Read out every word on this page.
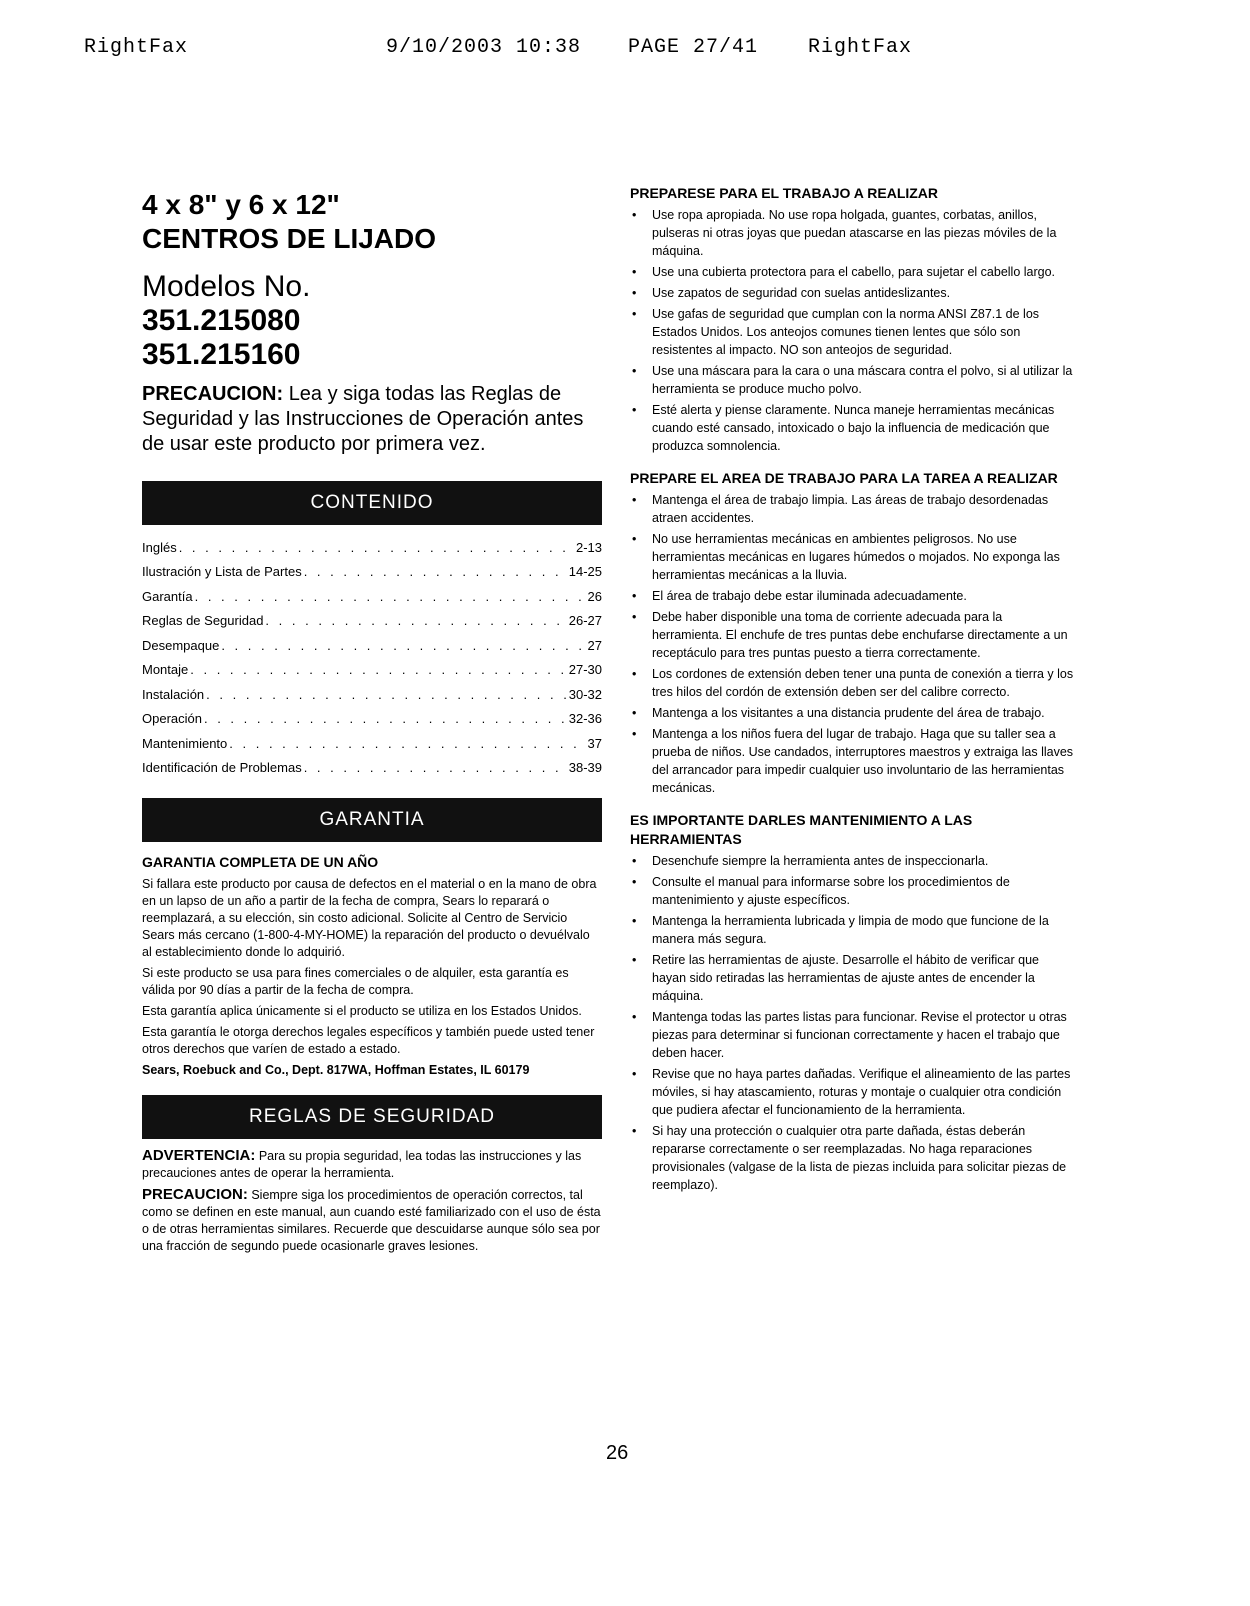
RightFax

	9/10/2003 10:38

PAGE 27/41

RightFax

4 x 8" y 6 x 12"
CENTROS DE LIJADO
Modelos No.
351.215080
351.215160
PRECAUCION: Lea y siga todas las Reglas de Seguridad y las Instrucciones de Operación antes de usar este producto por primera vez.
CONTENIDO
Inglés . . .	2-13
Ilustración y Lista de Partes . . .	14-25
Garantía . . .	26
Reglas de Seguridad . . .	26-27
Desempaque . . .	27
Montaje . . .	27-30
Instalación . . .	30-32
Operación . . .	32-36
Mantenimiento . . .	37
Identificación de Problemas . . .	38-39
GARANTIA
GARANTIA COMPLETA DE UN AÑO

Si fallara este producto por causa de defectos en el material o en la mano de obra en un lapso de un año a partir de la fecha de compra, Sears lo reparará o reemplazará, a su elección, sin costo adicional. Solicite al Centro de Servicio Sears más cercano (1-800-4-MY-HOME) la reparación del producto o devuélvalo al establecimiento donde lo adquirió.

Si este producto se usa para fines comerciales o de alquiler, esta garantía es válida por 90 días a partir de la fecha de compra.

Esta garantía aplica únicamente si el producto se utiliza en los Estados Unidos.

Esta garantía le otorga derechos legales específicos y también puede usted tener otros derechos que varíen de estado a estado.

Sears, Roebuck and Co., Dept. 817WA, Hoffman Estates, IL 60179

REGLAS DE SEGURIDAD

ADVERTENCIA: Para su propia seguridad, lea todas las instrucciones y las precauciones antes de operar la herramienta.

PRECAUCION: Siempre siga los procedimientos de operación correctos, tal como se definen en este manual, aun cuando esté familiarizado con el uso de ésta o de otras herramientas similares. Recuerde que descuidarse aunque sólo sea por una fracción de segundo puede ocasionarle graves lesiones.

PREPARESE PARA EL TRABAJO A REALIZAR
• Use ropa apropiada. No use ropa holgada, guantes, corbatas, anillos, pulseras ni otras joyas que puedan atascarse en las piezas móviles de la máquina.
• Use una cubierta protectora para el cabello, para sujetar el cabello largo.
• Use zapatos de seguridad con suelas antideslizantes.
• Use gafas de seguridad que cumplan con la norma ANSI Z87.1 de los Estados Unidos. Los anteojos comunes tienen lentes que sólo son resistentes al impacto. NO son anteojos de seguridad.
• Use una máscara para la cara o una máscara contra el polvo, si al utilizar la herramienta se produce mucho polvo.
• Esté alerta y piense claramente. Nunca maneje herramientas mecánicas cuando esté cansado, intoxicado o bajo la influencia de medicación que produzca somnolencia.
PREPARE EL AREA DE TRABAJO PARA LA TAREA A REALIZAR
• Mantenga el área de trabajo limpia. Las áreas de trabajo desordenadas atraen accidentes.
• No use herramientas mecánicas en ambientes peligrosos. No use herramientas mecánicas en lugares húmedos o mojados. No exponga las herramientas mecánicas a la lluvia.
• El área de trabajo debe estar iluminada adecuadamente.
• Debe haber disponible una toma de corriente adecuada para la herramienta. El enchufe de tres puntas debe enchufarse directamente a un receptáculo para tres puntas puesto a tierra correctamente.
• Los cordones de extensión deben tener una punta de conexión a tierra y los tres hilos del cordón de extensión deben ser del calibre correcto.
• Mantenga a los visitantes a una distancia prudente del área de trabajo.
• Mantenga a los niños fuera del lugar de trabajo. Haga que su taller sea a prueba de niños. Use candados, interruptores maestros y extraiga las llaves del arrancador para impedir cualquier uso involuntario de las herramientas mecánicas.
ES IMPORTANTE DARLES MANTENIMIENTO A LAS HERRAMIENTAS
• Desenchufe siempre la herramienta antes de inspeccionarla.
• Consulte el manual para informarse sobre los procedimientos de mantenimiento y ajuste específicos.
• Mantenga la herramienta lubricada y limpia de modo que funcione de la manera más segura.
• Retire las herramientas de ajuste. Desarrolle el hábito de verificar que hayan sido retiradas las herramientas de ajuste antes de encender la máquina.
• Mantenga todas las partes listas para funcionar. Revise el protector u otras piezas para determinar si funcionan correctamente y hacen el trabajo que deben hacer.
• Revise que no haya partes dañadas. Verifique el alineamiento de las partes móviles, si hay atascamiento, roturas y montaje o cualquier otra condición que pudiera afectar el funcionamiento de la herramienta.
• Si hay una protección o cualquier otra parte dañada, éstas deberán repararse correctamente o ser reemplazadas. No haga reparaciones provisionales (valgase de la lista de piezas incluida para solicitar piezas de reemplazo).
26
